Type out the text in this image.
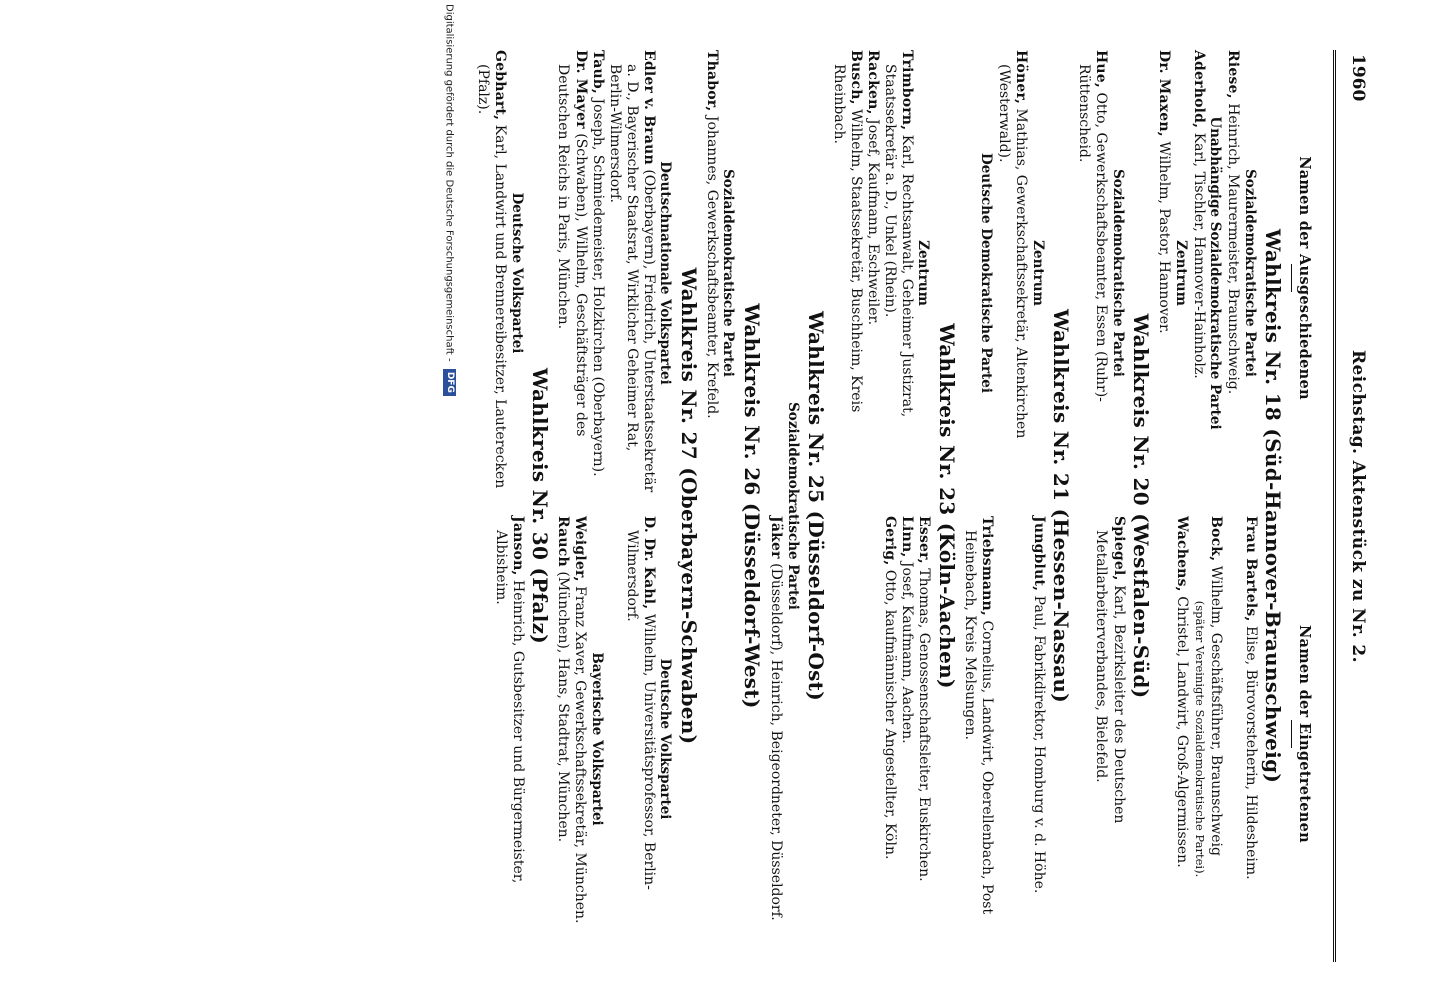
1960
Reichstag. Aktenstück zu Nr. 2.
Namen der Ausgeschiedenen
Namen der Eingetretenen
Wahlkreis Nr. 18 (Süd-Hannover-Braunschweig)
Sozialdemokratische Partei

Riese, Heinrich, Maurermeister, Braunschweig.

Frau Bartels, Elise, Bürovorsteherin, Hildesheim.

Unabhängige Sozialdemokratische Partei

Aderhold, Karl, Tischler, Hannover-Hainholz.

Bock, Wilhelm, Geschäftsführer, Braunschweig

(später Vereinigte Sozialdemokratische Partei).

Zentrum

Dr. Maxen, Wilhelm, Pastor, Hannover.

Wachens, Christel, Landwirt, Groß-Algermissen.

Wahlkreis Nr. 20 (Westfalen-Süd)
Sozialdemokratische Partei

Hue, Otto, Gewerkschaftsbeamter, Essen (Ruhr)-Rüttenscheid.

Spiegel, Karl, Bezirksleiter des Deutschen Metallarbeiterverbandes, Bielefeld.

Wahlkreis Nr. 21 (Hessen-Nassau)
Zentrum

Höner, Mathias, Gewerkschaftssekretär, Altenkirchen (Westerwald).

Jungblut, Paul, Fabrikdirektor, Homburg v. d. Höhe.

Deutsche Demokratische Partei

Triebsmann, Cornelius, Landwirt, Oberellenbach, Post Heinebach, Kreis Melsungen.

Wahlkreis Nr. 23 (Köln-Aachen)
Zentrum

Trimborn, Karl, Rechtsanwalt, Geheimer Justizrat, Staatssekretär a. D., Unkel (Rhein).

Racken, Josef, Kaufmann, Eschweiler.

Busch, Wilhelm, Staatssekretär, Buschheim, Kreis Rheinbach.

Esser, Thomas, Genossenschaftsleiter, Euskirchen.

Linn, Josef, Kaufmann, Aachen.

Gerig, Otto, kaufmännischer Angestellter, Köln.

Wahlkreis Nr. 25 (Düsseldorf-Ost)
Sozialdemokratische Partei

Jäker (Düsseldorf), Heinrich, Beigeordneter, Düsseldorf.

Wahlkreis Nr. 26 (Düsseldorf-West)
Sozialdemokratische Partei

Thabor, Johannes, Gewerkschaftsbeamter, Krefeld.

Wahlkreis Nr. 27 (Oberbayern-Schwaben)
Deutschnationale Volkspartei

Edler v. Braun (Oberbayern), Friedrich, Unterstaatssekretär a. D., Bayerischer Staatsrat, Wirklicher Geheimer Rat, Berlin-Wilmersdorf.

Deutsche Volkspartei

D. Dr. Kahl, Wilhelm, Universitätsprofessor, Berlin-Wilmersdorf.

Taub, Joseph, Schmiedemeister, Holzkirchen (Oberbayern).

Dr. Mayer (Schwaben), Wilhelm, Geschäftsträger des Deutschen Reichs in Paris, München.

Bayerische Volkspartei

Weigler, Franz Xaver, Gewerkschaftssekretär, München.

Rauch (München), Hans, Stadtrat, München.

Wahlkreis Nr. 30 (Pfalz)
Deutsche Volkspartei

Gebhart, Karl, Landwirt und Brennereibesitzer, Lauterecken (Pfalz).

Janson, Heinrich, Gutsbesitzer und Bürgermeister, Albisheim.

Digitalisierung gefördert durch die Deutsche Forschungsgemeinschaft - DFG
